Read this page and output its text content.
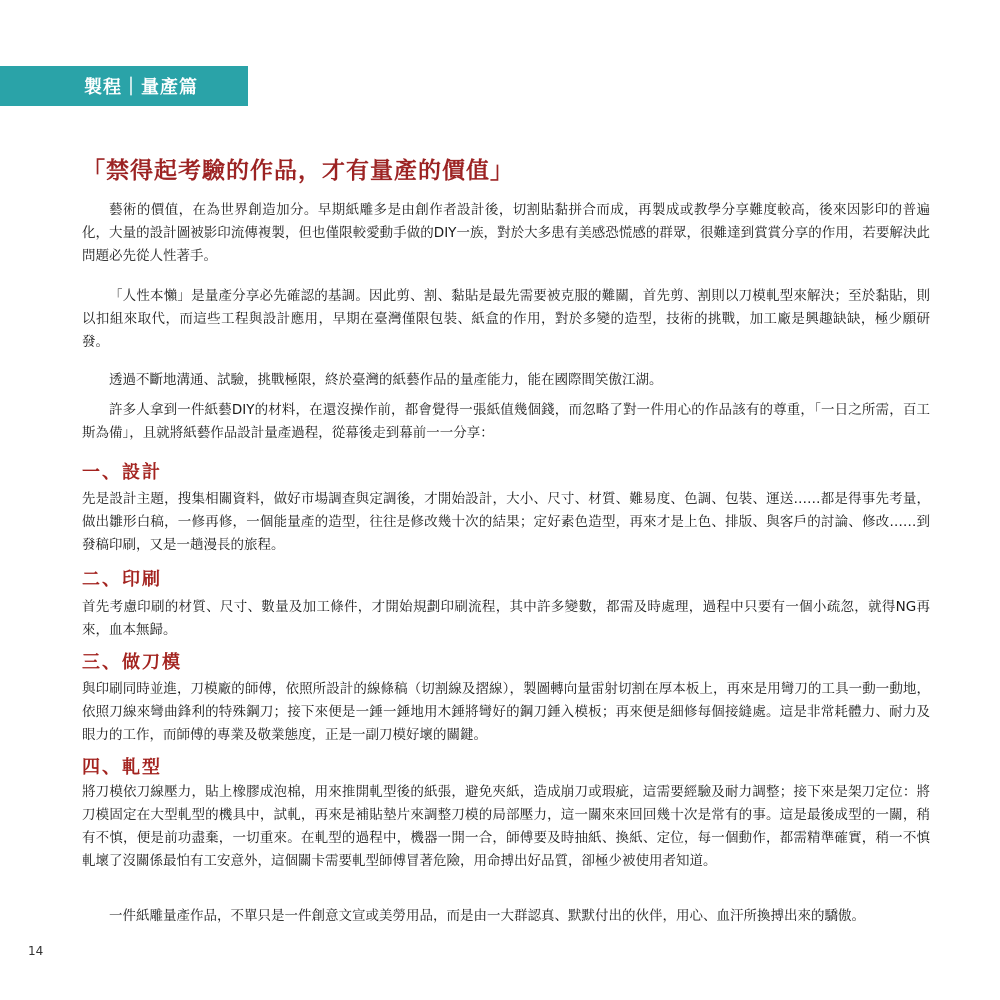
製程｜量產篇
「禁得起考驗的作品，才有量產的價值」

藝術的價值，在為世界創造加分。早期紙雕多是由創作者設計後，切割貼黏拼合而成，再製成或教學分享難度較高，後來因影印的普遍化，大量的設計圖被影印流傳複製，但也僅限較愛動手做的DIY一族，對於大多患有美感恐慌感的群眾，很難達到賞賞分享的作用，若要解決此問題必先從人性著手。

「人性本懶」是量產分享必先確認的基調。因此剪、割、黏貼是最先需要被克服的難關，首先剪、割則以刀模軋型來解決；至於黏貼，則以扣組來取代，而這些工程與設計應用，早期在臺灣僅限包裝、紙盒的作用，對於多變的造型，技術的挑戰，加工廠是興趣缺缺，極少願研發。

透過不斷地溝通、試驗，挑戰極限，終於臺灣的紙藝作品的量產能力，能在國際間笑傲江湖。

許多人拿到一件紙藝DIY的材料，在還沒操作前，都會覺得一張紙值幾個錢，而忽略了對一件用心的作品該有的尊重，「一日之所需，百工斯為備」，且就將紙藝作品設計量產過程，從幕後走到幕前一一分享：

一、設計

先是設計主題，搜集相關資料，做好市場調查與定調後，才開始設計，大小、尺寸、材質、難易度、色調、包裝、運送……都是得事先考量，做出雛形白稿，一修再修，一個能量產的造型，往往是修改幾十次的結果；定好素色造型，再來才是上色、排版、與客戶的討論、修改……到發稿印刷，又是一趟漫長的旅程。

二、印刷

首先考慮印刷的材質、尺寸、數量及加工條件，才開始規劃印刷流程，其中許多變數，都需及時處理，過程中只要有一個小疏忽，就得NG再來，血本無歸。

三、做刀模

與印刷同時並進，刀模廠的師傅，依照所設計的線條稿（切割線及摺線），製圖轉向量雷射切割在厚本板上，再來是用彎刀的工具一動一動地，依照刀線來彎曲鋒利的特殊鋼刀；接下來便是一錘一錘地用木錘將彎好的鋼刀錘入模板；再來便是細修每個接縫處。這是非常耗體力、耐力及眼力的工作，而師傅的專業及敬業態度，正是一副刀模好壞的關鍵。

四、軋型

將刀模依刀線壓力，貼上橡膠成泡棉，用來推開軋型後的紙張，避免夾紙，造成崩刀或瑕疵，這需要經驗及耐力調整；接下來是架刀定位：將刀模固定在大型軋型的機具中，試軋，再來是補貼墊片來調整刀模的局部壓力，這一關來來回回幾十次是常有的事。這是最後成型的一關，稍有不慎，便是前功盡棄，一切重來。在軋型的過程中，機器一開一合，師傅要及時抽紙、換紙、定位，每一個動作，都需精準確實，稍一不慎軋壞了沒關係最怕有工安意外，這個關卡需要軋型師傅冒著危險，用命搏出好品質，卻極少被使用者知道。

一件紙雕量產作品，不單只是一件創意文宣或美勞用品，而是由一大群認真、默默付出的伙伴，用心、血汗所換搏出來的驕傲。

14
